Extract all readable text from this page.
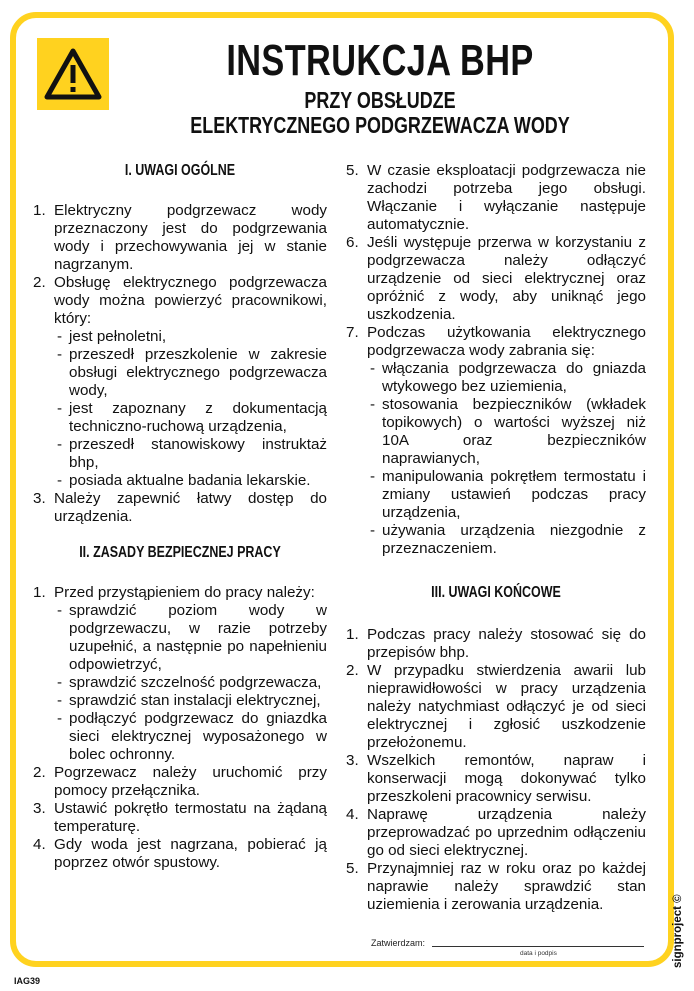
INSTRUKCJA BHP
PRZY OBSŁUDZE
ELEKTRYCZNEGO PODGRZEWACZA WODY
I. UWAGI OGÓLNE
1. Elektryczny podgrzewacz wody przeznaczony jest do podgrzewania wody i przechowywania jej w stanie nagrzanym.
2. Obsługę elektrycznego podgrzewacza wody można powierzyć pracownikowi, który:
- jest pełnoletni,
- przeszedł przeszkolenie w zakresie obsługi elektrycznego podgrzewacza wody,
- jest zapoznany z dokumentacją techniczno-ruchową urządzenia,
- przeszedł stanowiskowy instruktaż bhp,
- posiada aktualne badania lekarskie.
3. Należy zapewnić łatwy dostęp do urządzenia.
II. ZASADY BEZPIECZNEJ PRACY
1. Przed przystąpieniem do pracy należy:
- sprawdzić poziom wody w podgrzewaczu, w razie potrzeby uzupełnić, a następnie po napełnieniu odpowietrzyć,
- sprawdzić szczelność podgrzewacza,
- sprawdzić stan instalacji elektrycznej,
- podłączyć podgrzewacz do gniazdka sieci elektrycznej wyposażonego w bolec ochronny.
2. Pogrzewacz należy uruchomić przy pomocy przełącznika.
3. Ustawić pokrętło termostatu na żądaną temperaturę.
4. Gdy woda jest nagrzana, pobierać ją poprzez otwór spustowy.
5. W czasie eksploatacji podgrzewacza nie zachodzi potrzeba jego obsługi. Włączanie i wyłączanie następuje automatycznie.
6. Jeśli występuje przerwa w korzystaniu z podgrzewacza należy odłączyć urządzenie od sieci elektrycznej oraz opróżnić z wody, aby uniknąć jego uszkodzenia.
7. Podczas użytkowania elektrycznego podgrzewacza wody zabrania się:
- włączania podgrzewacza do gniazda wtykowego bez uziemienia,
- stosowania bezpieczników (wkładek topikowych) o wartości wyższej niż 10A oraz bezpieczników naprawianych,
- manipulowania pokrętłem termostatu i zmiany ustawień podczas pracy urządzenia,
- używania urządzenia niezgodnie z przeznaczeniem.
III. UWAGI KOŃCOWE
1. Podczas pracy należy stosować się do przepisów bhp.
2. W przypadku stwierdzenia awarii lub nieprawidłowości w pracy urządzenia należy natychmiast odłączyć je od sieci elektrycznej i zgłosić uszkodzenie przełożonemu.
3. Wszelkich remontów, napraw i konserwacji mogą dokonywać tylko przeszkoleni pracownicy serwisu.
4. Naprawę urządzenia należy przeprowadzać po uprzednim odłączeniu go od sieci elektrycznej.
5. Przynajmniej raz w roku oraz po każdej naprawie należy sprawdzić stan uziemienia i zerowania urządzenia.
Zatwierdzam:
data i podpis	signproject ©
IAG39
